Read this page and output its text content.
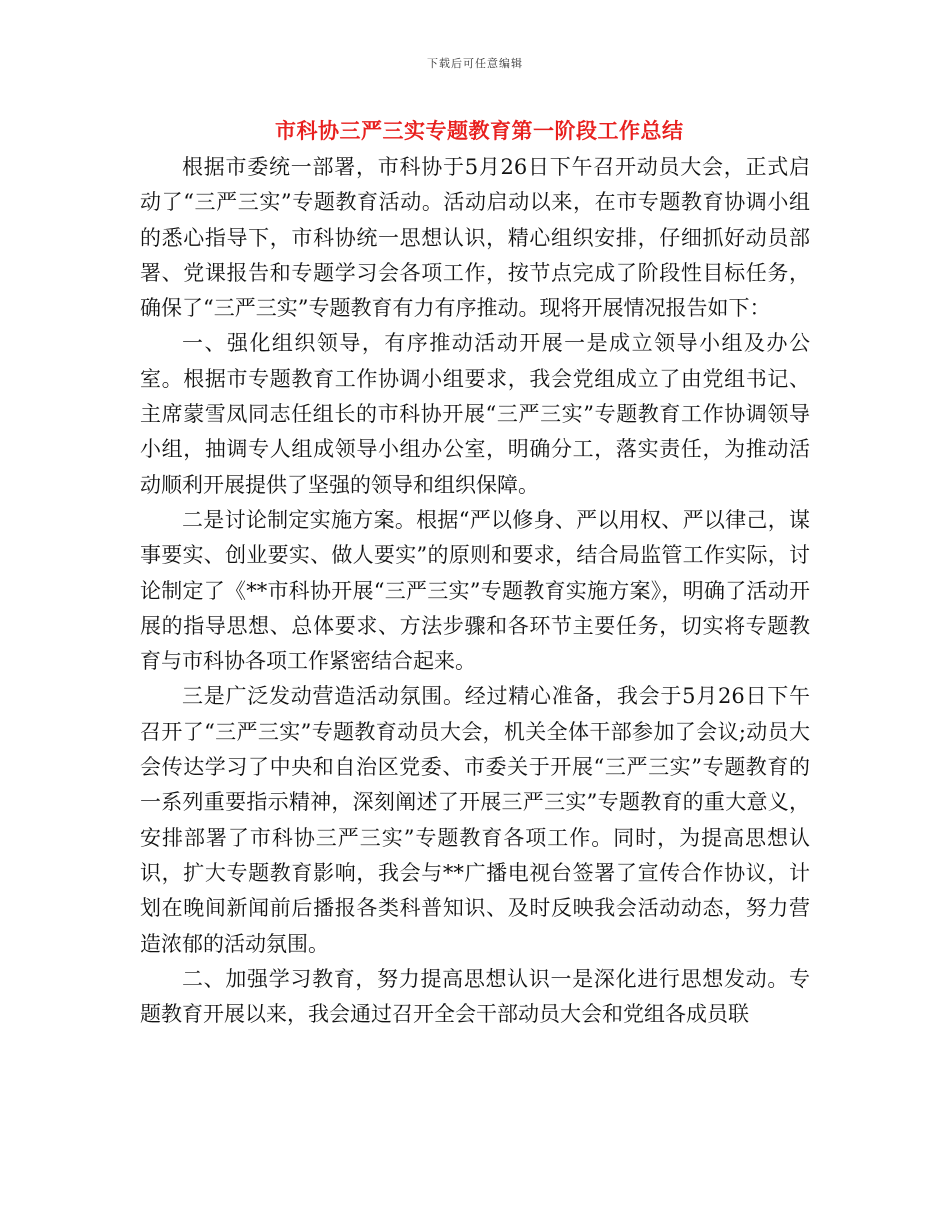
下载后可任意编辑
市科协三严三实专题教育第一阶段工作总结

根据市委统一部署，市科协于5月26日下午召开动员大会，正式启动了“三严三实”专题教育活动。活动启动以来，在市专题教育协调小组的悉心指导下，市科协统一思想认识，精心组织安排，仔细抓好动员部署、党课报告和专题学习会各项工作，按节点完成了阶段性目标任务，确保了“三严三实”专题教育有力有序推动。现将开展情况报告如下：

一、强化组织领导，有序推动活动开展一是成立领导小组及办公室。根据市专题教育工作协调小组要求，我会党组成立了由党组书记、主席蒙雪凤同志任组长的市科协开展“三严三实”专题教育工作协调领导小组，抽调专人组成领导小组办公室，明确分工，落实责任，为推动活动顺利开展提供了坚强的领导和组织保障。

二是讨论制定实施方案。根据“严以修身、严以用权、严以律己，谋事要实、创业要实、做人要实”的原则和要求，结合局监管工作实际，讨论制定了《**市科协开展“三严三实”专题教育实施方案》，明确了活动开展的指导思想、总体要求、方法步骤和各环节主要任务，切实将专题教育与市科协各项工作紧密结合起来。

三是广泛发动营造活动氛围。经过精心准备，我会于5月26日下午召开了“三严三实”专题教育动员大会，机关全体干部参加了会议;动员大会传达学习了中央和自治区党委、市委关于开展“三严三实”专题教育的一系列重要指示精神，深刻阐述了开展三严三实”专题教育的重大意义，安排部署了市科协三严三实”专题教育各项工作。同时，为提高思想认识，扩大专题教育影响，我会与**广播电视台签署了宣传合作协议，计划在晚间新闻前后播报各类科普知识、及时反映我会活动动态，努力营造浓郁的活动氛围。

二、加强学习教育，努力提高思想认识一是深化进行思想发动。专题教育开展以来，我会通过召开全会干部动员大会和党组各成员联
